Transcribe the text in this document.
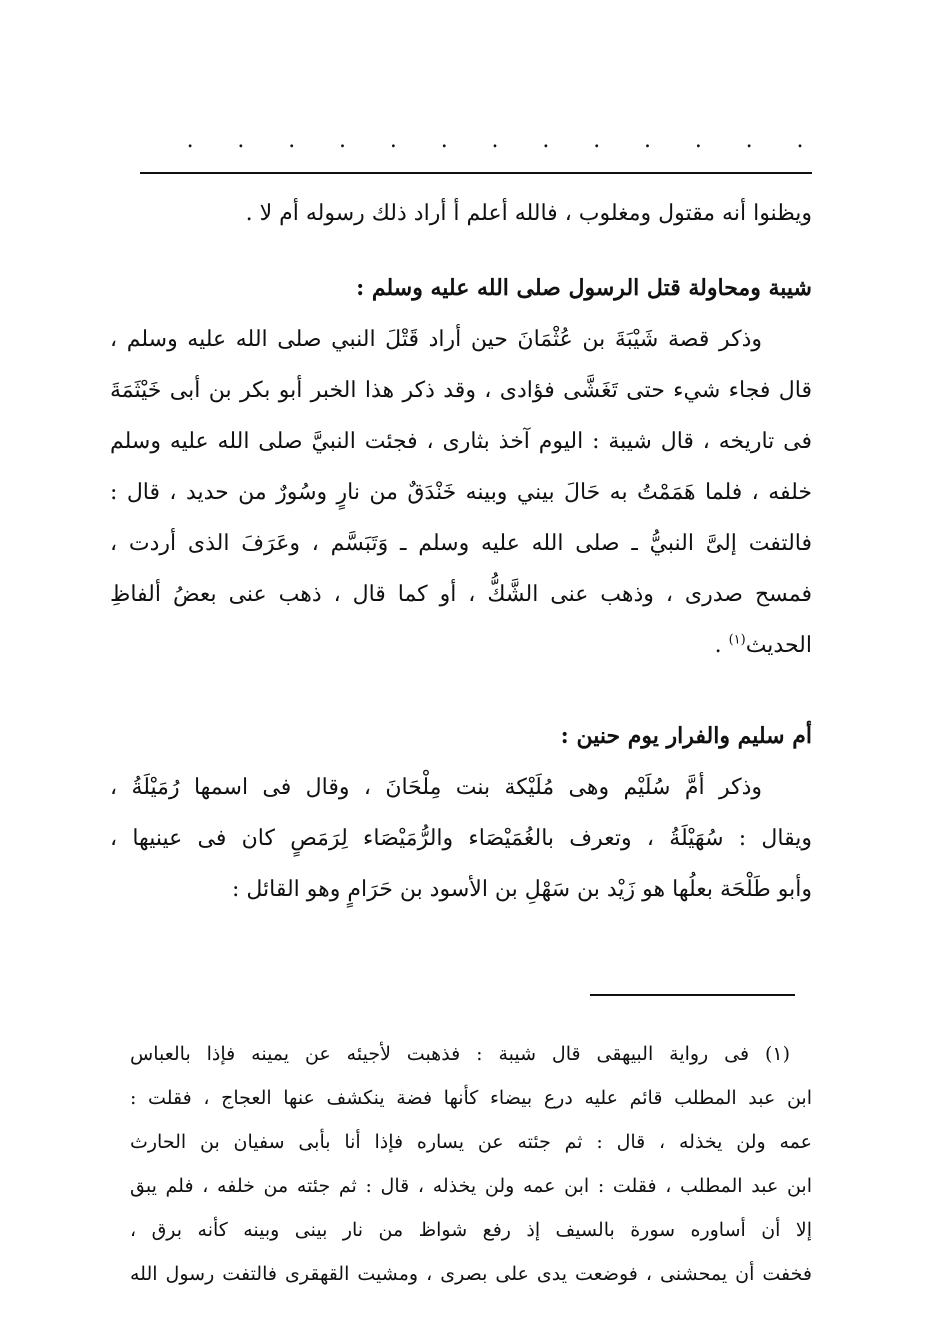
. . . . . . . . . . . . .
ويظنوا أنه مقتول ومغلوب ، فالله أعلم أ أراد ذلك رسوله أم لا .
شيبة ومحاولة قتل الرسول صلى الله عليه وسلم :
وذكر قصة شَيْبَةَ بن عُثْمَانَ حين أراد قَتْلَ النبي صلى الله عليه وسلم ،
قال فجاء شيء حتى تَغَشَّى فؤادى ، وقد ذكر هذا الخبر أبو بكر بن أبى خَيْثَمَةَ
فى تاريخه ، قال شيبة : اليوم آخذ بثارى ، فجئت النبيَّ صلى الله عليه وسلم
خلفه ، فلما هَمَمْتُ به حَالَ بيني وبينه خَنْدَقٌ من نارٍ وسُورٌ من حديد ، قال :
فالتفت إلىَّ النبيُّ ـ صلى الله عليه وسلم ـ وَتَبَسَّم ، وعَرَفَ الذى أردت ،
فمسح صدرى ، وذهب عنى الشَّكُّ ، أو كما قال ، ذهب عنى بعضُ ألفاظِ
الحديث$^{(١)}$ .
أم سليم والفرار يوم حنين :
وذكر أمَّ سُلَيْم وهى مُلَيْكة بنت مِلْحَانَ ، وقال فى اسمها رُمَيْلَةُ ،
ويقال : سُهَيْلَةُ ، وتعرف بالغُمَيْصَاء والرُّمَيْصَاء لِرَمَصٍ كان فى عينيها ،
وأبو طَلْحَة بعلُها هو زَيْد بن سَهْلِ بن الأسود بن حَرَامٍ وهو القائل :
(١) فى رواية البيهقى قال شيبة : فذهبت لأجيئه عن يمينه فإذا بالعباس
ابن عبد المطلب قائم عليه درع بيضاء كأنها فضة ينكشف عنها العجاج ، فقلت :
عمه ولن يخذله ، قال : ثم جئته عن يساره فإذا أنا بأبى سفيان بن الحارث
ابن عبد المطلب ، فقلت : ابن عمه ولن يخذله ، قال : ثم جئته من خلفه ، فلم يبق
إلا أن أساوره سورة بالسيف إذ رفع شواظ من نار بينى وبينه كأنه برق ،
فخفت أن يمحشنى ، فوضعت يدى على بصرى ، ومشيت القهقرى فالتفت رسول الله
